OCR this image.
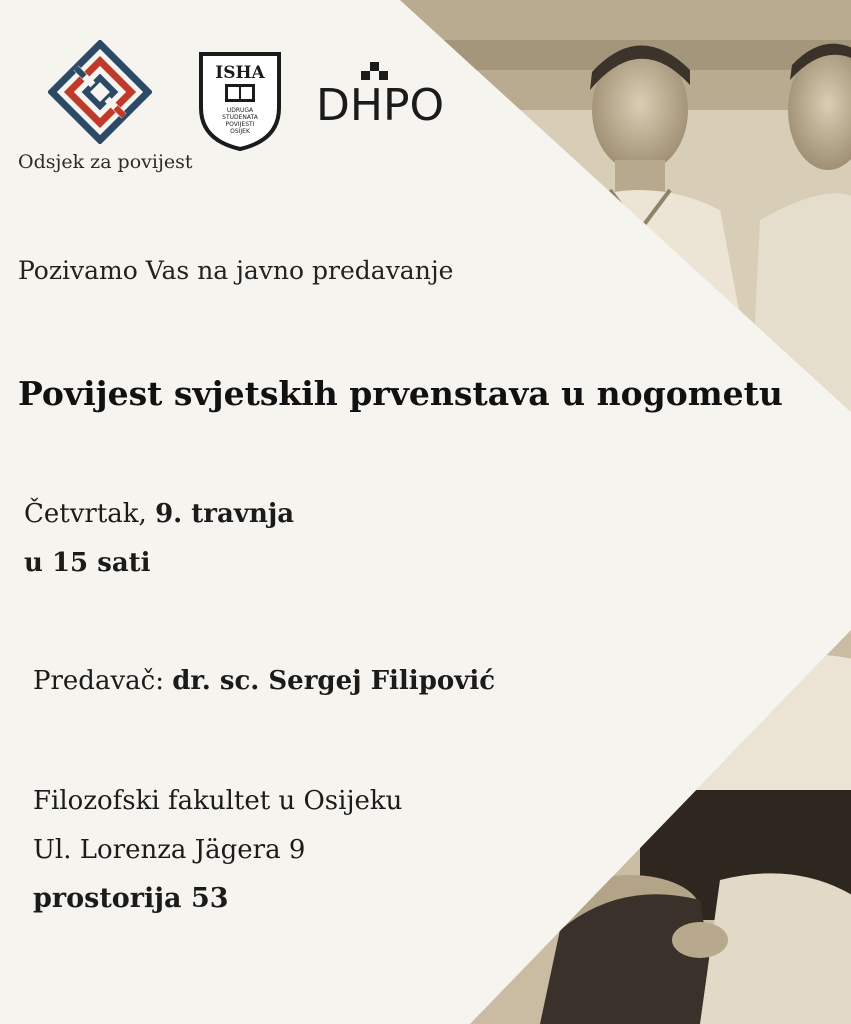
Odsjek za povijest
ISHA
UDRUGA
STUDENATA
POVIJESTI
OSIJEK
DHPO
Pozivamo Vas na javno predavanje
Povijest svjetskih prvenstava u nogometu
Četvrtak, 9. travnja
u 15 sati
Predavač: dr. sc. Sergej Filipović
Filozofski fakultet u Osijeku
Ul. Lorenza Jägera 9
prostorija 53
